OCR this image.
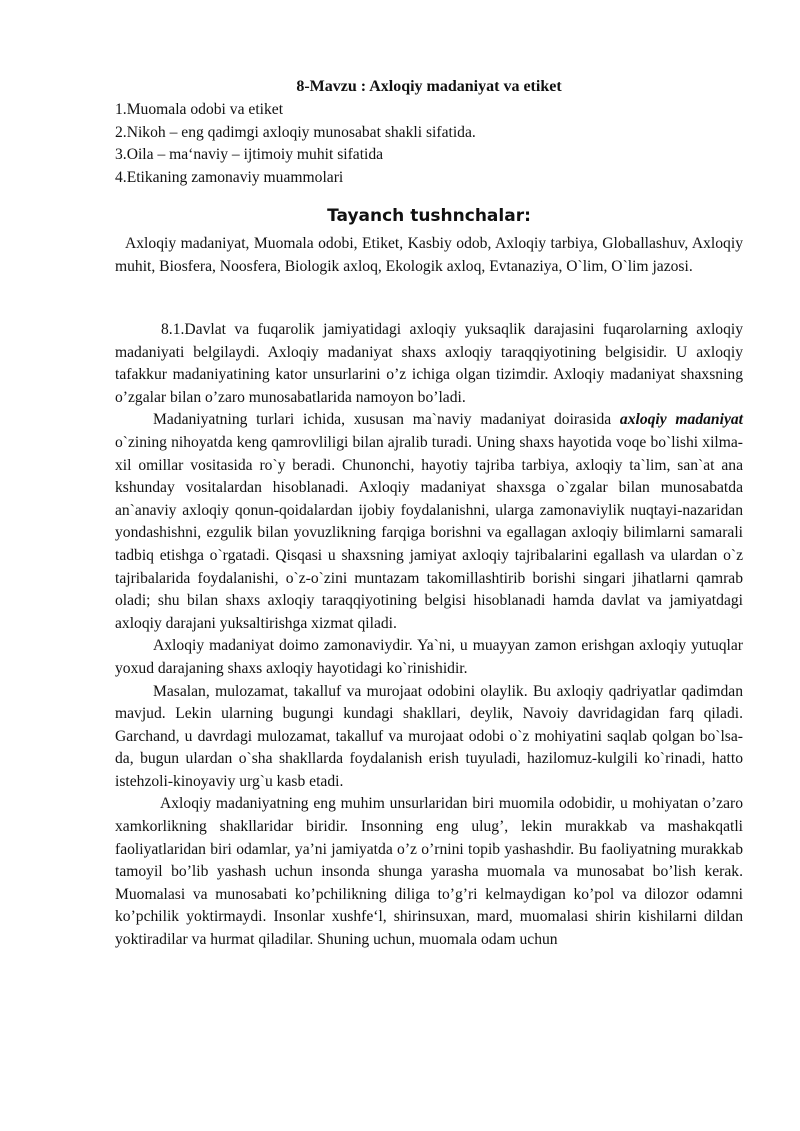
8-Mavzu : Axloqiy madaniyat va etiket
1.Muomala odobi va etiket
2.Nikoh – eng qadimgi axloqiy munosabat shakli sifatida.
3.Oila – ma‘naviy – ijtimoiy muhit sifatida
4.Etikaning zamonaviy muammolari
Tayanch tushnchalar:

Axloqiy madaniyat, Muomala odobi, Etiket, Kasbiy odob, Axloqiy tarbiya, Globallashuv, Axloqiy muhit, Biosfera, Noosfera, Biologik axloq, Ekologik axloq, Evtanaziya, O`lim, O`lim jazosi.

8.1.Davlat va fuqarolik jamiyatidagi axloqiy yuksaqlik darajasini fuqarolarning axloqiy madaniyati belgilaydi. Axloqiy madaniyat shaxs axloqiy taraqqiyotining belgisidir. U axloqiy tafakkur madaniyatining kator unsurlarini o’z ichiga olgan tizimdir. Axloqiy madaniyat shaxsning o’zgalar bilan o’zaro munosabatlarida namoyon bo’ladi.

Madaniyatning turlari ichida, xususan ma`naviy madaniyat doirasida axloqiy madaniyat o`zining nihoyatda keng qamrovliligi bilan ajralib turadi. Uning shaxs hayotida voqe bo`lishi xilma-xil omillar vositasida ro`y beradi. Chunonchi, hayotiy tajriba tarbiya, axloqiy ta`lim, san`at ana kshunday vositalardan hisoblanadi. Axloqiy madaniyat shaxsga o`zgalar bilan munosabatda an`anaviy axloqiy qonun-qoidalardan ijobiy foydalanishni, ularga zamonaviylik nuqtayi-nazaridan yondashishni, ezgulik bilan yovuzlikning farqiga borishni va egallagan axloqiy bilimlarni samarali tadbiq etishga o`rgatadi. Qisqasi u shaxsning jamiyat axloqiy tajribalarini egallash va ulardan o`z tajribalarida foydalanishi, o`z-o`zini muntazam takomillashtirib borishi singari jihatlarni qamrab oladi; shu bilan shaxs axloqiy taraqqiyotining belgisi hisoblanadi hamda davlat va jamiyatdagi axloqiy darajani yuksaltirishga xizmat qiladi.

Axloqiy madaniyat doimo zamonaviydir. Ya`ni, u muayyan zamon erishgan axloqiy yutuqlar yoxud darajaning shaxs axloqiy hayotidagi ko`rinishidir.

Masalan, mulozamat, takalluf va murojaat odobini olaylik. Bu axloqiy qadriyatlar qadimdan mavjud. Lekin ularning bugungi kundagi shakllari, deylik, Navoiy davridagidan farq qiladi. Garchand, u davrdagi mulozamat, takalluf va murojaat odobi o`z mohiyatini saqlab qolgan bo`lsa-da, bugun ulardan o`sha shakllarda foydalanish erish tuyuladi, hazilomuz-kulgili ko`rinadi, hatto istehzoli-kinoyaviy urg`u kasb etadi.

Axloqiy madaniyatning eng muhim unsurlaridan biri muomila odobidir, u mohiyatan o’zaro xamkorlikning shakllaridar biridir. Insonning eng ulug’, lekin murakkab va mashakqatli faoliyatlaridan biri odamlar, ya’ni jamiyatda o’z o’rnini topib yashashdir. Bu faoliyatning murakkab tamoyil bo’lib yashash uchun insonda shunga yarasha muomala va munosabat bo’lish kerak. Muomalasi va munosabati ko’pchilikning diliga to’g’ri kelmaydigan ko’pol va dilozor odamni ko’pchilik yoktirmaydi. Insonlar xushfe‘l, shirinsuxan, mard, muomalasi shirin kishilarni dildan yoktiradilar va hurmat qiladilar. Shuning uchun, muomala odam uchun
